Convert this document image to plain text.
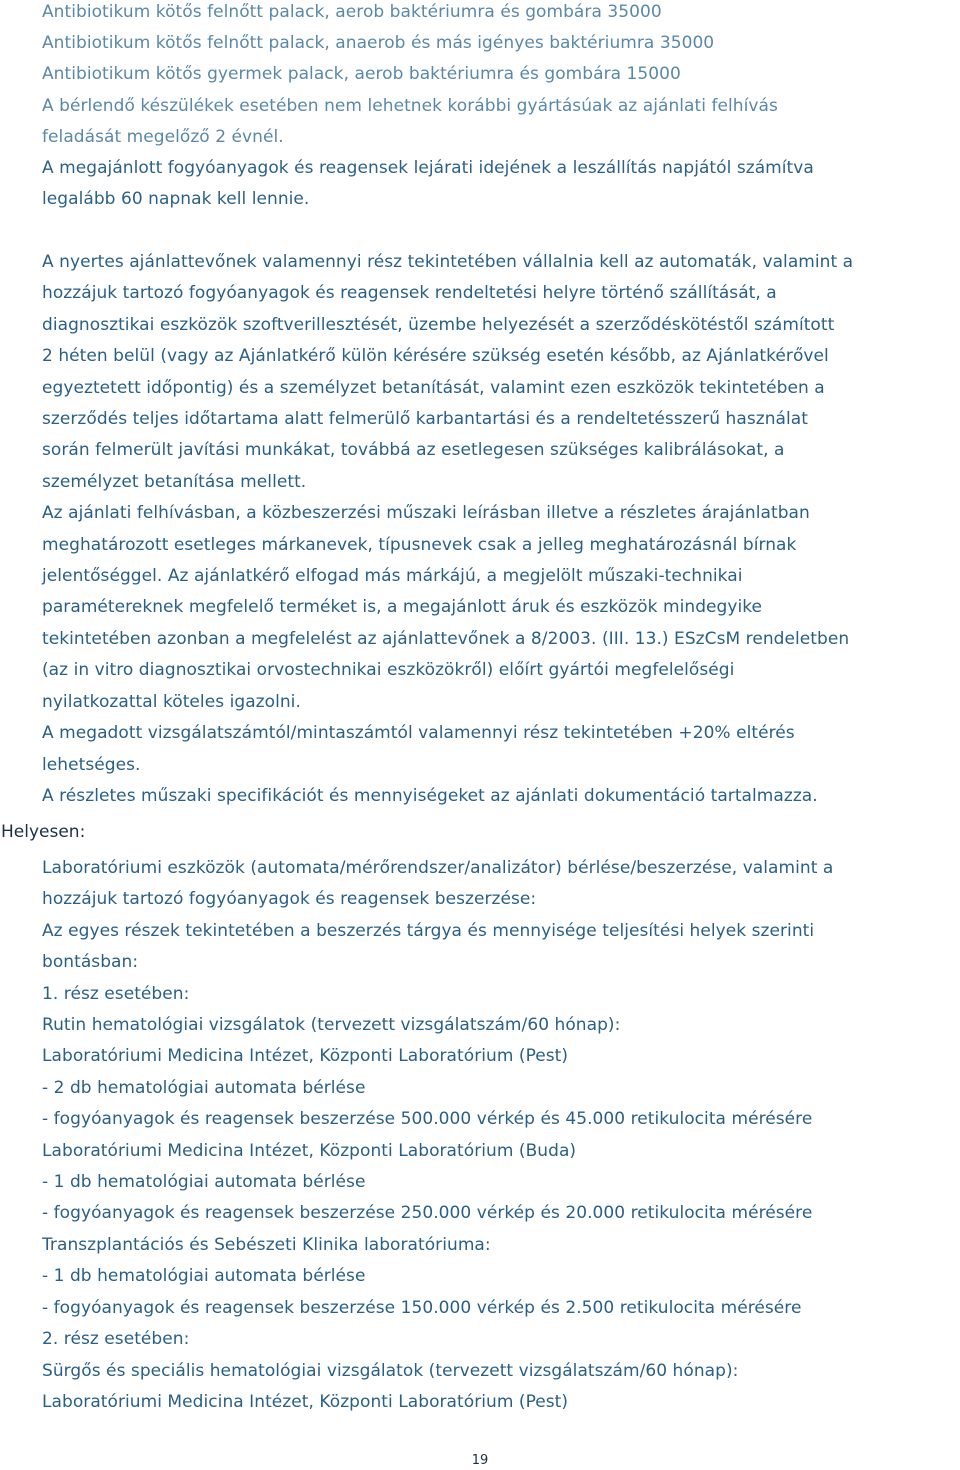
Antibiotikum kötős felnőtt palack, aerob baktériumra és gombára 35000
Antibiotikum kötős felnőtt palack, anaerob és más igényes baktériumra 35000
Antibiotikum kötős gyermek palack, aerob baktériumra és gombára 15000
A bérlendő készülékek esetében nem lehetnek korábbi gyártásúak az ajánlati felhívás
feladását megelőző 2 évnél.
A megajánlott fogyóanyagok és reagensek lejárati idejének a leszállítás napjától számítva
legalább 60 napnak kell lennie.
A nyertes ajánlattevőnek valamennyi rész tekintetében vállalnia kell az automaták, valamint a
hozzájuk tartozó fogyóanyagok és reagensek rendeltetési helyre történő szállítását, a
diagnosztikai eszközök szoftverillesztését, üzembe helyezését a szerződéskötéstől számított
2 héten belül (vagy az Ajánlatkérő külön kérésére szükség esetén később, az Ajánlatkérővel
egyeztetett időpontig) és a személyzet betanítását, valamint ezen eszközök tekintetében a
szerződés teljes időtartama alatt felmerülő karbantartási és a rendeltetésszerű használat
során felmerült javítási munkákat, továbbá az esetlegesen szükséges kalibrálásokat, a
személyzet betanítása mellett.
Az ajánlati felhívásban, a közbeszerzési műszaki leírásban illetve a részletes árajánlatban
meghatározott esetleges márkanevek, típusnevek csak a jelleg meghatározásnál bírnak
jelentőséggel. Az ajánlatkérő elfogad más márkájú, a megjelölt műszaki-technikai
paramétereknek megfelelő terméket is, a megajánlott áruk és eszközök mindegyike
tekintetében azonban a megfelelést az ajánlattevőnek a 8/2003. (III. 13.) ESzCsM rendeletben
(az in vitro diagnosztikai orvostechnikai eszközökről) előírt gyártói megfelelőségi
nyilatkozattal köteles igazolni.
A megadott vizsgálatszámtól/mintaszámtól valamennyi rész tekintetében +20% eltérés
lehetséges.
A részletes műszaki specifikációt és mennyiségeket az ajánlati dokumentáció tartalmazza.
Helyesen:
Laboratóriumi eszközök (automata/mérőrendszer/analizátor) bérlése/beszerzése, valamint a
hozzájuk tartozó fogyóanyagok és reagensek beszerzése:
Az egyes részek tekintetében a beszerzés tárgya és mennyisége teljesítési helyek szerinti
bontásban:
1. rész esetében:
Rutin hematológiai vizsgálatok (tervezett vizsgálatszám/60 hónap):
Laboratóriumi Medicina Intézet, Központi Laboratórium (Pest)
- 2 db hematológiai automata bérlése
- fogyóanyagok és reagensek beszerzése 500.000 vérkép és 45.000 retikulocita mérésére
Laboratóriumi Medicina Intézet, Központi Laboratórium (Buda)
- 1 db hematológiai automata bérlése
- fogyóanyagok és reagensek beszerzése 250.000 vérkép és 20.000 retikulocita mérésére
Transzplantációs és Sebészeti Klinika laboratóriuma:
- 1 db hematológiai automata bérlése
- fogyóanyagok és reagensek beszerzése 150.000 vérkép és 2.500 retikulocita mérésére
2. rész esetében:
Sürgős és speciális hematológiai vizsgálatok (tervezett vizsgálatszám/60 hónap):
Laboratóriumi Medicina Intézet, Központi Laboratórium (Pest)
19
